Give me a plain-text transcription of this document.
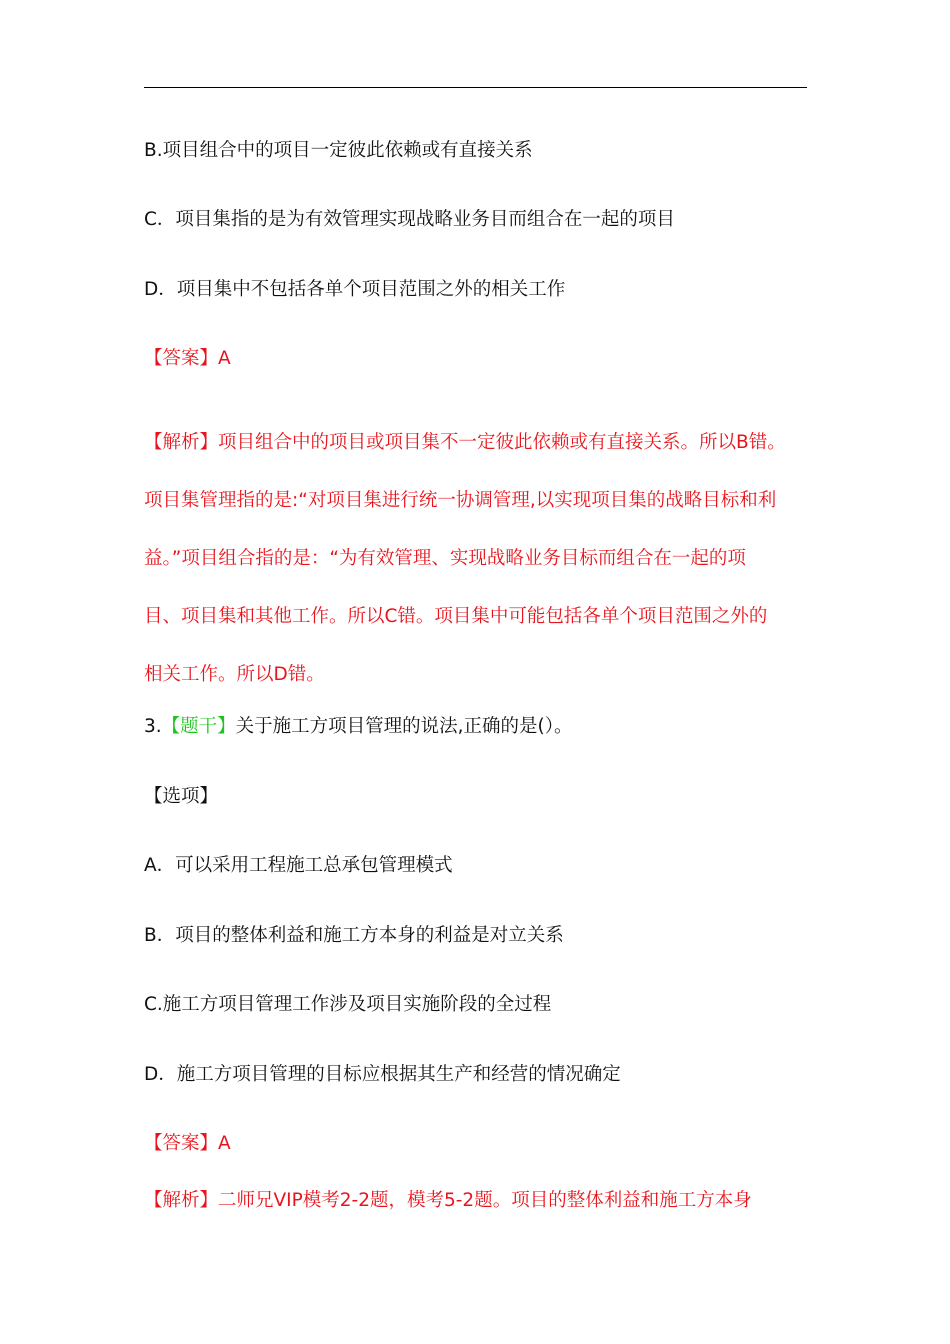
B.项目组合中的项目一定彼此依赖或有直接关系

C．项目集指的是为有效管理实现战略业务目而组合在一起的项目

D．项目集中不包括各单个项目范围之外的相关工作

【答案】A

【解析】项目组合中的项目或项目集不一定彼此依赖或有直接关系。所以B错。
项目集管理指的是:“对项目集进行统一协调管理,以实现项目集的战略目标和利
益。”项目组合指的是：“为有效管理、实现战略业务目标而组合在一起的项
目、项目集和其他工作。所以C错。项目集中可能包括各单个项目范围之外的
相关工作。所以D错。

3.【题干】关于施工方项目管理的说法,正确的是(）。

【选项】

A．可以采用工程施工总承包管理模式

B．项目的整体利益和施工方本身的利益是对立关系

C.施工方项目管理工作涉及项目实施阶段的全过程

D．施工方项目管理的目标应根据其生产和经营的情况确定

【答案】A

【解析】二师兄VIP模考2-2题，模考5-2题。项目的整体利益和施工方本身
